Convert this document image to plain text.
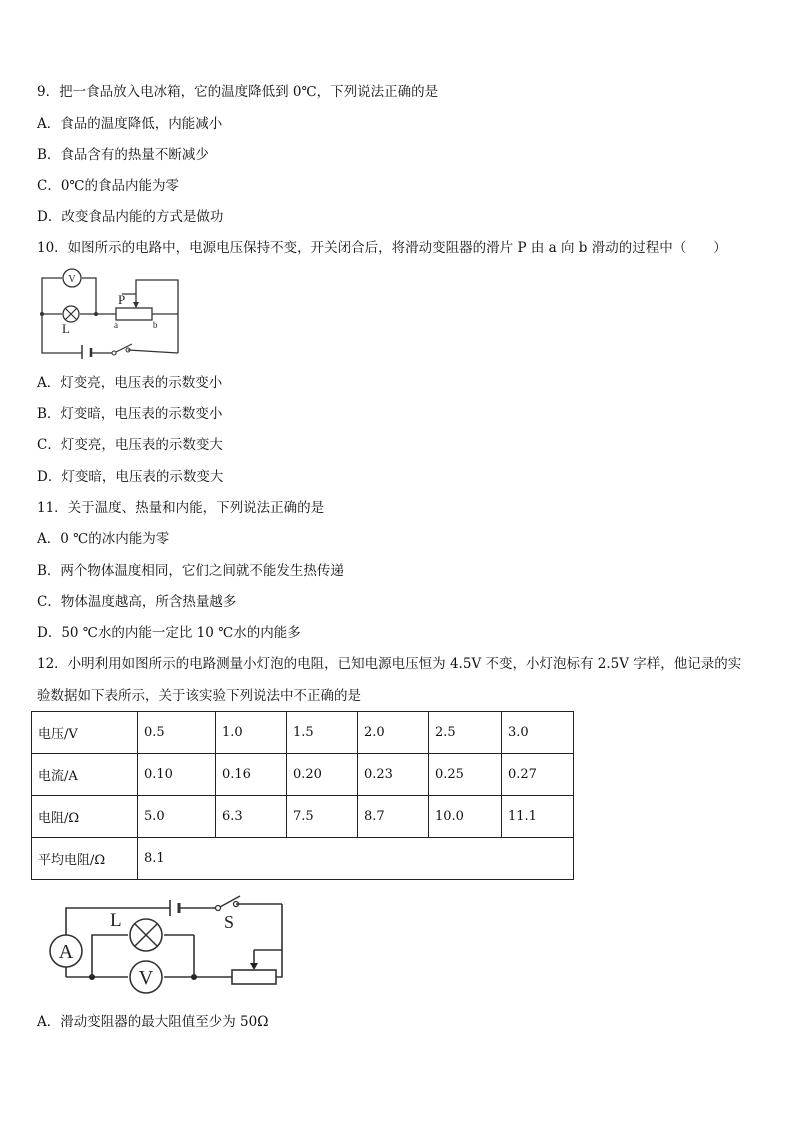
9．把一食品放入电冰箱，它的温度降低到 0℃，下列说法正确的是

A．食品的温度降低，内能减小

B．食品含有的热量不断减少

C．0℃的食品内能为零

D．改变食品内能的方式是做功

10．如图所示的电路中，电源电压保持不变，开关闭合后，将滑动变阻器的滑片 P 由 a 向 b 滑动的过程中（　　）

V
L
P
a	b

A．灯变亮，电压表的示数变小

B．灯变暗，电压表的示数变小

C．灯变亮，电压表的示数变大

D．灯变暗，电压表的示数变大

11．关于温度、热量和内能，下列说法正确的是

A．0 ℃的冰内能为零

B．两个物体温度相同，它们之间就不能发生热传递

C．物体温度越高，所含热量越多

D．50 ℃水的内能一定比 10 ℃水的内能多

12．小明利用如图所示的电路测量小灯泡的电阻，已知电源电压恒为 4.5V 不变，小灯泡标有 2.5V 字样，他记录的实

验数据如下表所示，关于该实验下列说法中不正确的是

电压/V	0.5	1.0	1.5	2.0	2.5	3.0
电流/A	0.10	0.16	0.20	0.23	0.25	0.27
电阻/Ω	5.0	6.3	7.5	8.7	10.0	11.1
平均电阻/Ω	8.1					
A
L
V
S

A．滑动变阻器的最大阻值至少为 50Ω
